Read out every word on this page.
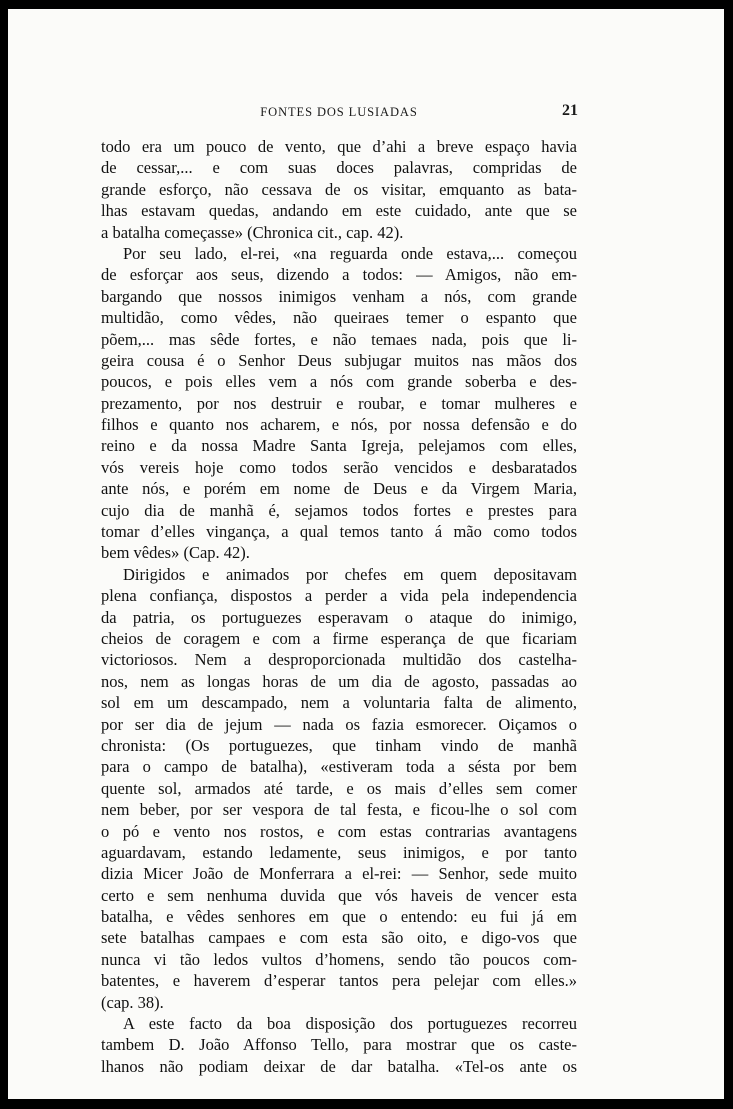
FONTES DOS LUSIADAS	21
todo era um pouco de vento, que d’ahi a breve espaço havia
de cessar,... e com suas doces palavras, compridas de
grande esforço, não cessava de os visitar, emquanto as bata-
lhas estavam quedas, andando em este cuidado, ante que se
a batalha começasse» (Chronica cit., cap. 42).
Por seu lado, el-rei, «na reguarda onde estava,... começou
de esforçar aos seus, dizendo a todos: — Amigos, não em-
bargando que nossos inimigos venham a nós, com grande
multidão, como vêdes, não queiraes temer o espanto que
põem,... mas sêde fortes, e não temaes nada, pois que li-
geira cousa é o Senhor Deus subjugar muitos nas mãos dos
poucos, e pois elles vem a nós com grande soberba e des-
prezamento, por nos destruir e roubar, e tomar mulheres e
filhos e quanto nos acharem, e nós, por nossa defensão e do
reino e da nossa Madre Santa Igreja, pelejamos com elles,
vós vereis hoje como todos serão vencidos e desbaratados
ante nós, e porém em nome de Deus e da Virgem Maria,
cujo dia de manhã é, sejamos todos fortes e prestes para
tomar d’elles vingança, a qual temos tanto á mão como todos
bem vêdes» (Cap. 42).
Dirigidos e animados por chefes em quem depositavam
plena confiança, dispostos a perder a vida pela independencia
da patria, os portuguezes esperavam o ataque do inimigo,
cheios de coragem e com a firme esperança de que ficariam
victoriosos. Nem a desproporcionada multidão dos castelha-
nos, nem as longas horas de um dia de agosto, passadas ao
sol em um descampado, nem a voluntaria falta de alimento,
por ser dia de jejum — nada os fazia esmorecer. Oiçamos o
chronista: (Os portuguezes, que tinham vindo de manhã
para o campo de batalha), «estiveram toda a sésta por bem
quente sol, armados até tarde, e os mais d’elles sem comer
nem beber, por ser vespora de tal festa, e ficou-lhe o sol com
o pó e vento nos rostos, e com estas contrarias avantagens
aguardavam, estando ledamente, seus inimigos, e por tanto
dizia Micer João de Monferrara a el-rei: — Senhor, sede muito
certo e sem nenhuma duvida que vós haveis de vencer esta
batalha, e vêdes senhores em que o entendo: eu fui já em
sete batalhas campaes e com esta são oito, e digo-vos que
nunca vi tão ledos vultos d’homens, sendo tão poucos com-
batentes, e haverem d’esperar tantos pera pelejar com elles.»
(cap. 38).
A este facto da boa disposição dos portuguezes recorreu
tambem D. João Affonso Tello, para mostrar que os caste-
lhanos não podiam deixar de dar batalha. «Tel-os ante os
